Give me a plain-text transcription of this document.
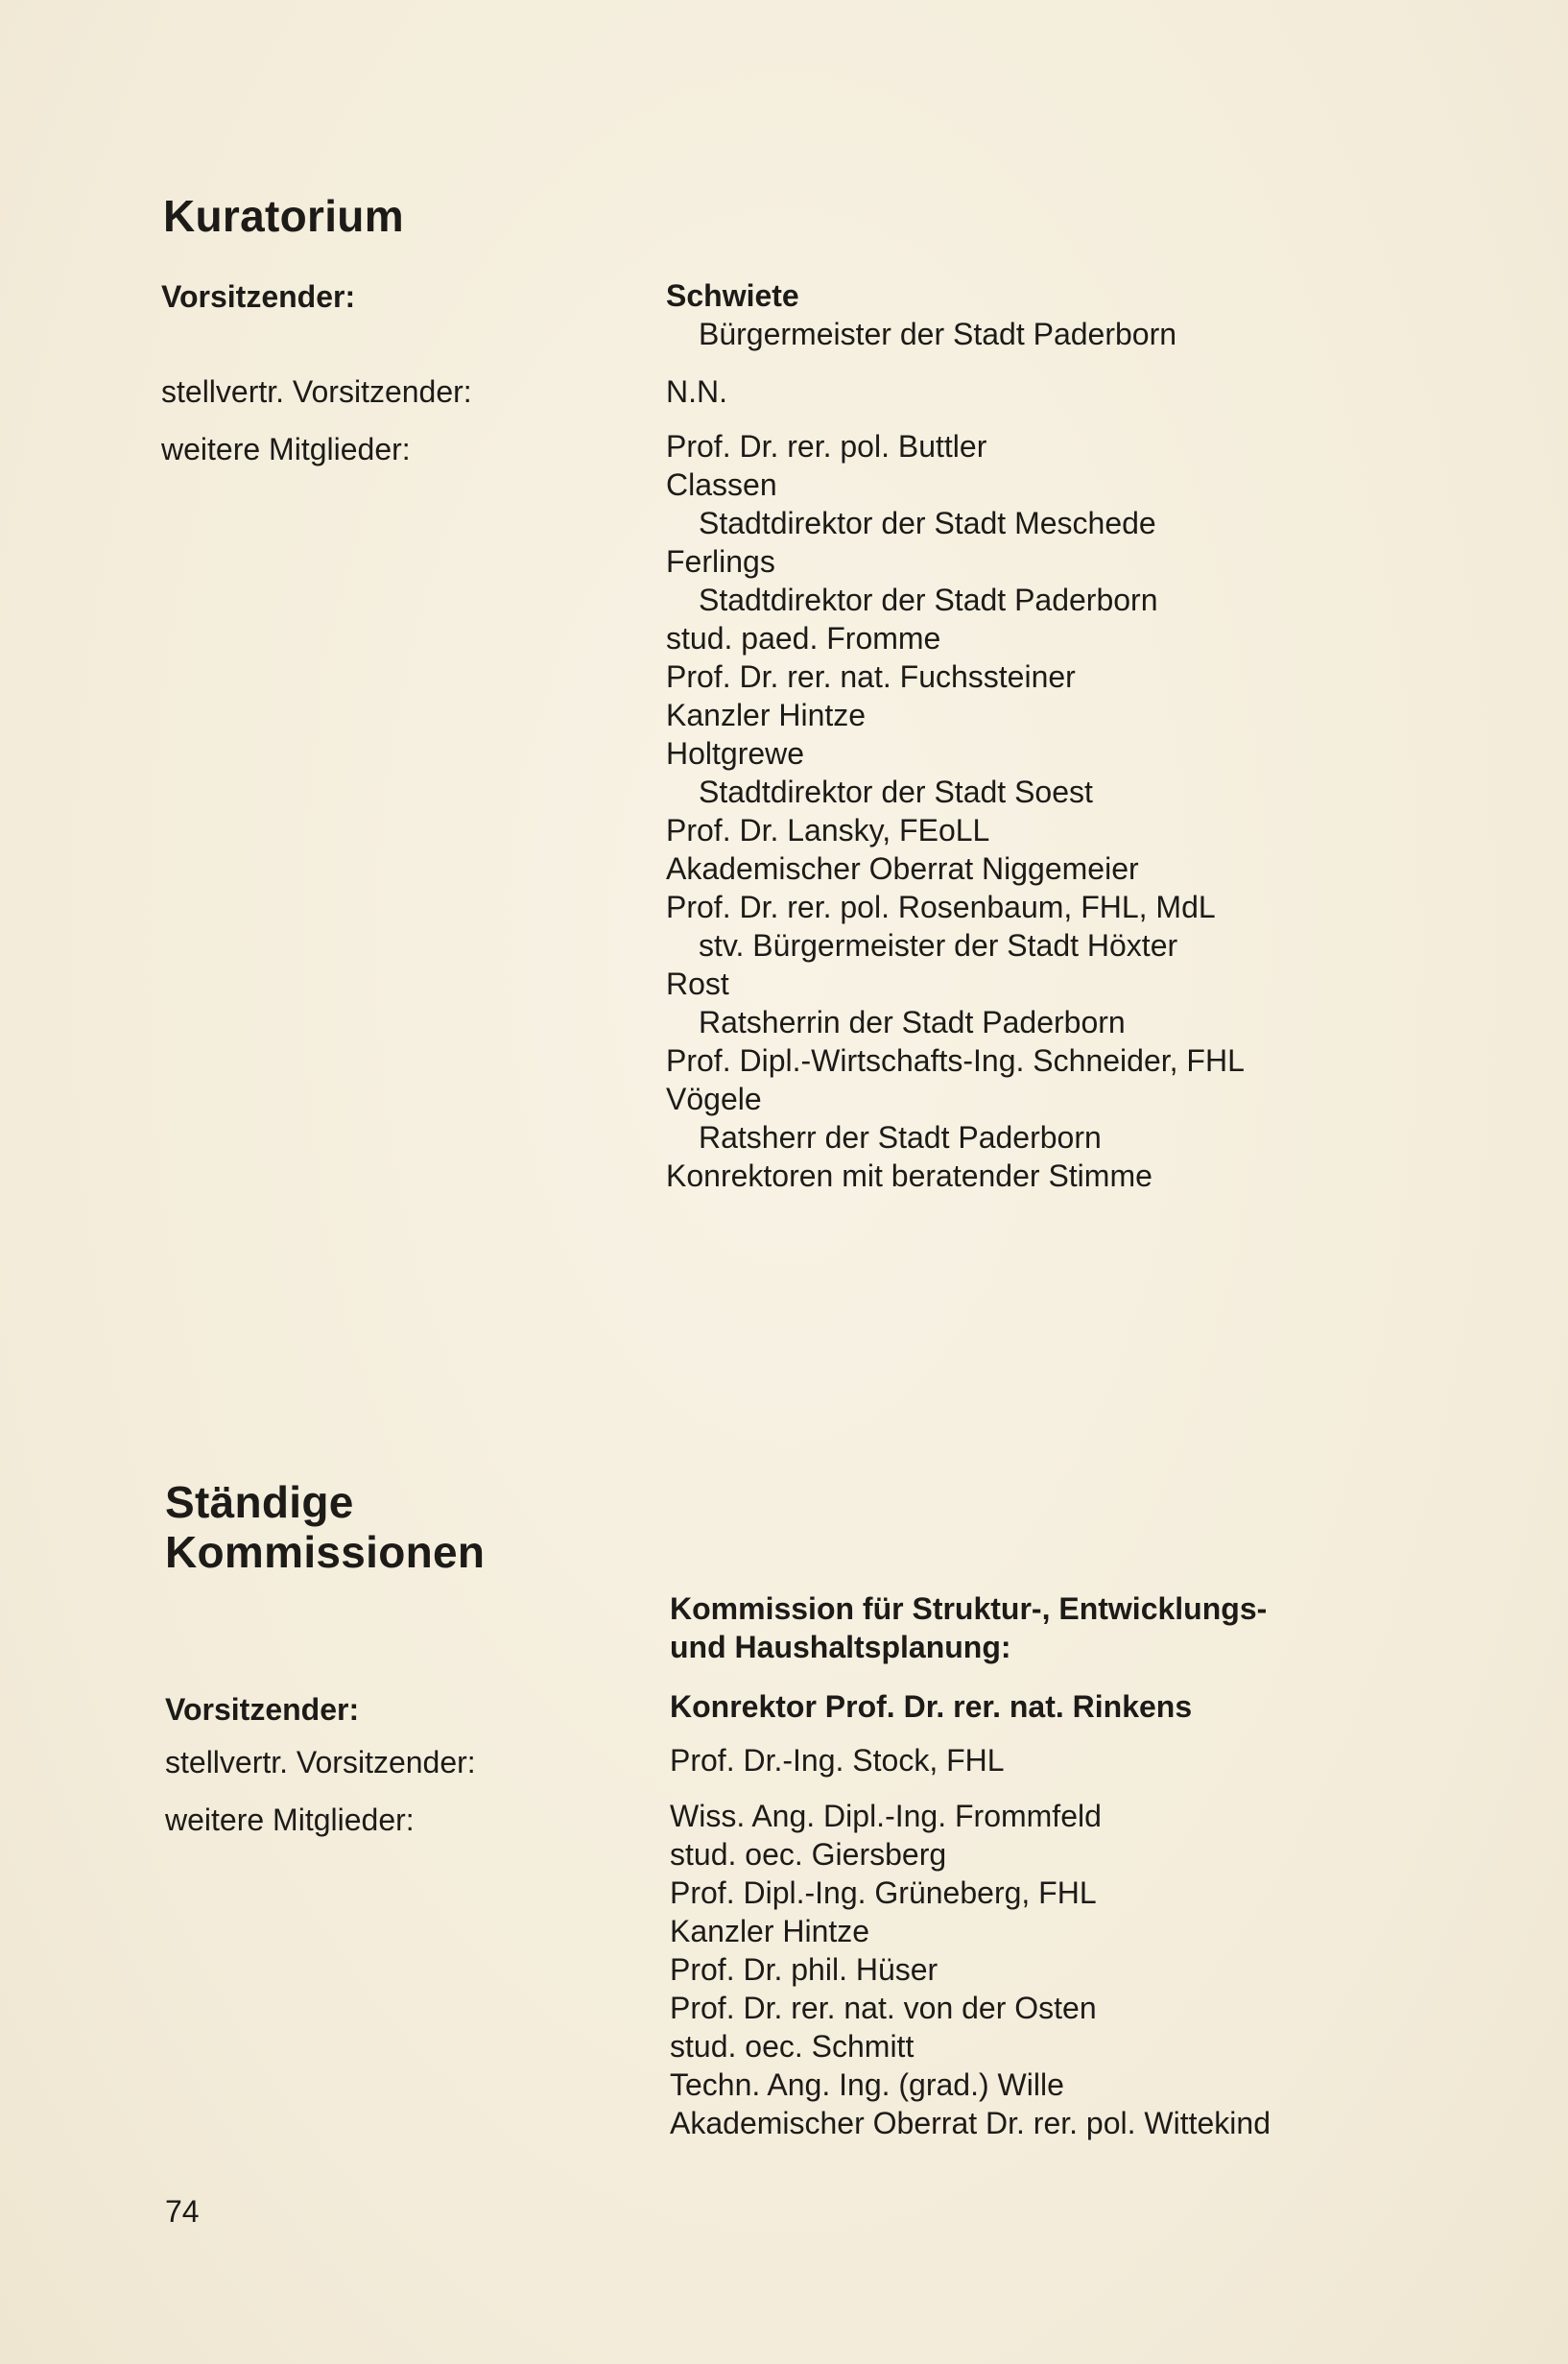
Kuratorium

Vorsitzender:

stellvertr. Vorsitzender:

weitere Mitglieder:

Schwiete
Bürgermeister der Stadt Paderborn
N.N.
Prof. Dr. rer. pol. Buttler
Classen
Stadtdirektor der Stadt Meschede
Ferlings
Stadtdirektor der Stadt Paderborn
stud. paed. Fromme
Prof. Dr. rer. nat. Fuchssteiner
Kanzler Hintze
Holtgrewe
Stadtdirektor der Stadt Soest
Prof. Dr. Lansky, FEoLL
Akademischer Oberrat Niggemeier
Prof. Dr. rer. pol. Rosenbaum, FHL, MdL
stv. Bürgermeister der Stadt Höxter
Rost
Ratsherrin der Stadt Paderborn
Prof. Dipl.-Wirtschafts-Ing. Schneider, FHL
Vögele
Ratsherr der Stadt Paderborn
Konrektoren mit beratender Stimme
Ständige
Kommissionen
Kommission für Struktur-, Entwicklungs-
und Haushaltsplanung:

Vorsitzender:

stellvertr. Vorsitzender:

weitere Mitglieder:

Konrektor Prof. Dr. rer. nat. Rinkens
Prof. Dr.-Ing. Stock, FHL
Wiss. Ang. Dipl.-Ing. Frommfeld
stud. oec. Giersberg
Prof. Dipl.-Ing. Grüneberg, FHL
Kanzler Hintze
Prof. Dr. phil. Hüser
Prof. Dr. rer. nat. von der Osten
stud. oec. Schmitt
Techn. Ang. Ing. (grad.) Wille
Akademischer Oberrat Dr. rer. pol. Wittekind
74
